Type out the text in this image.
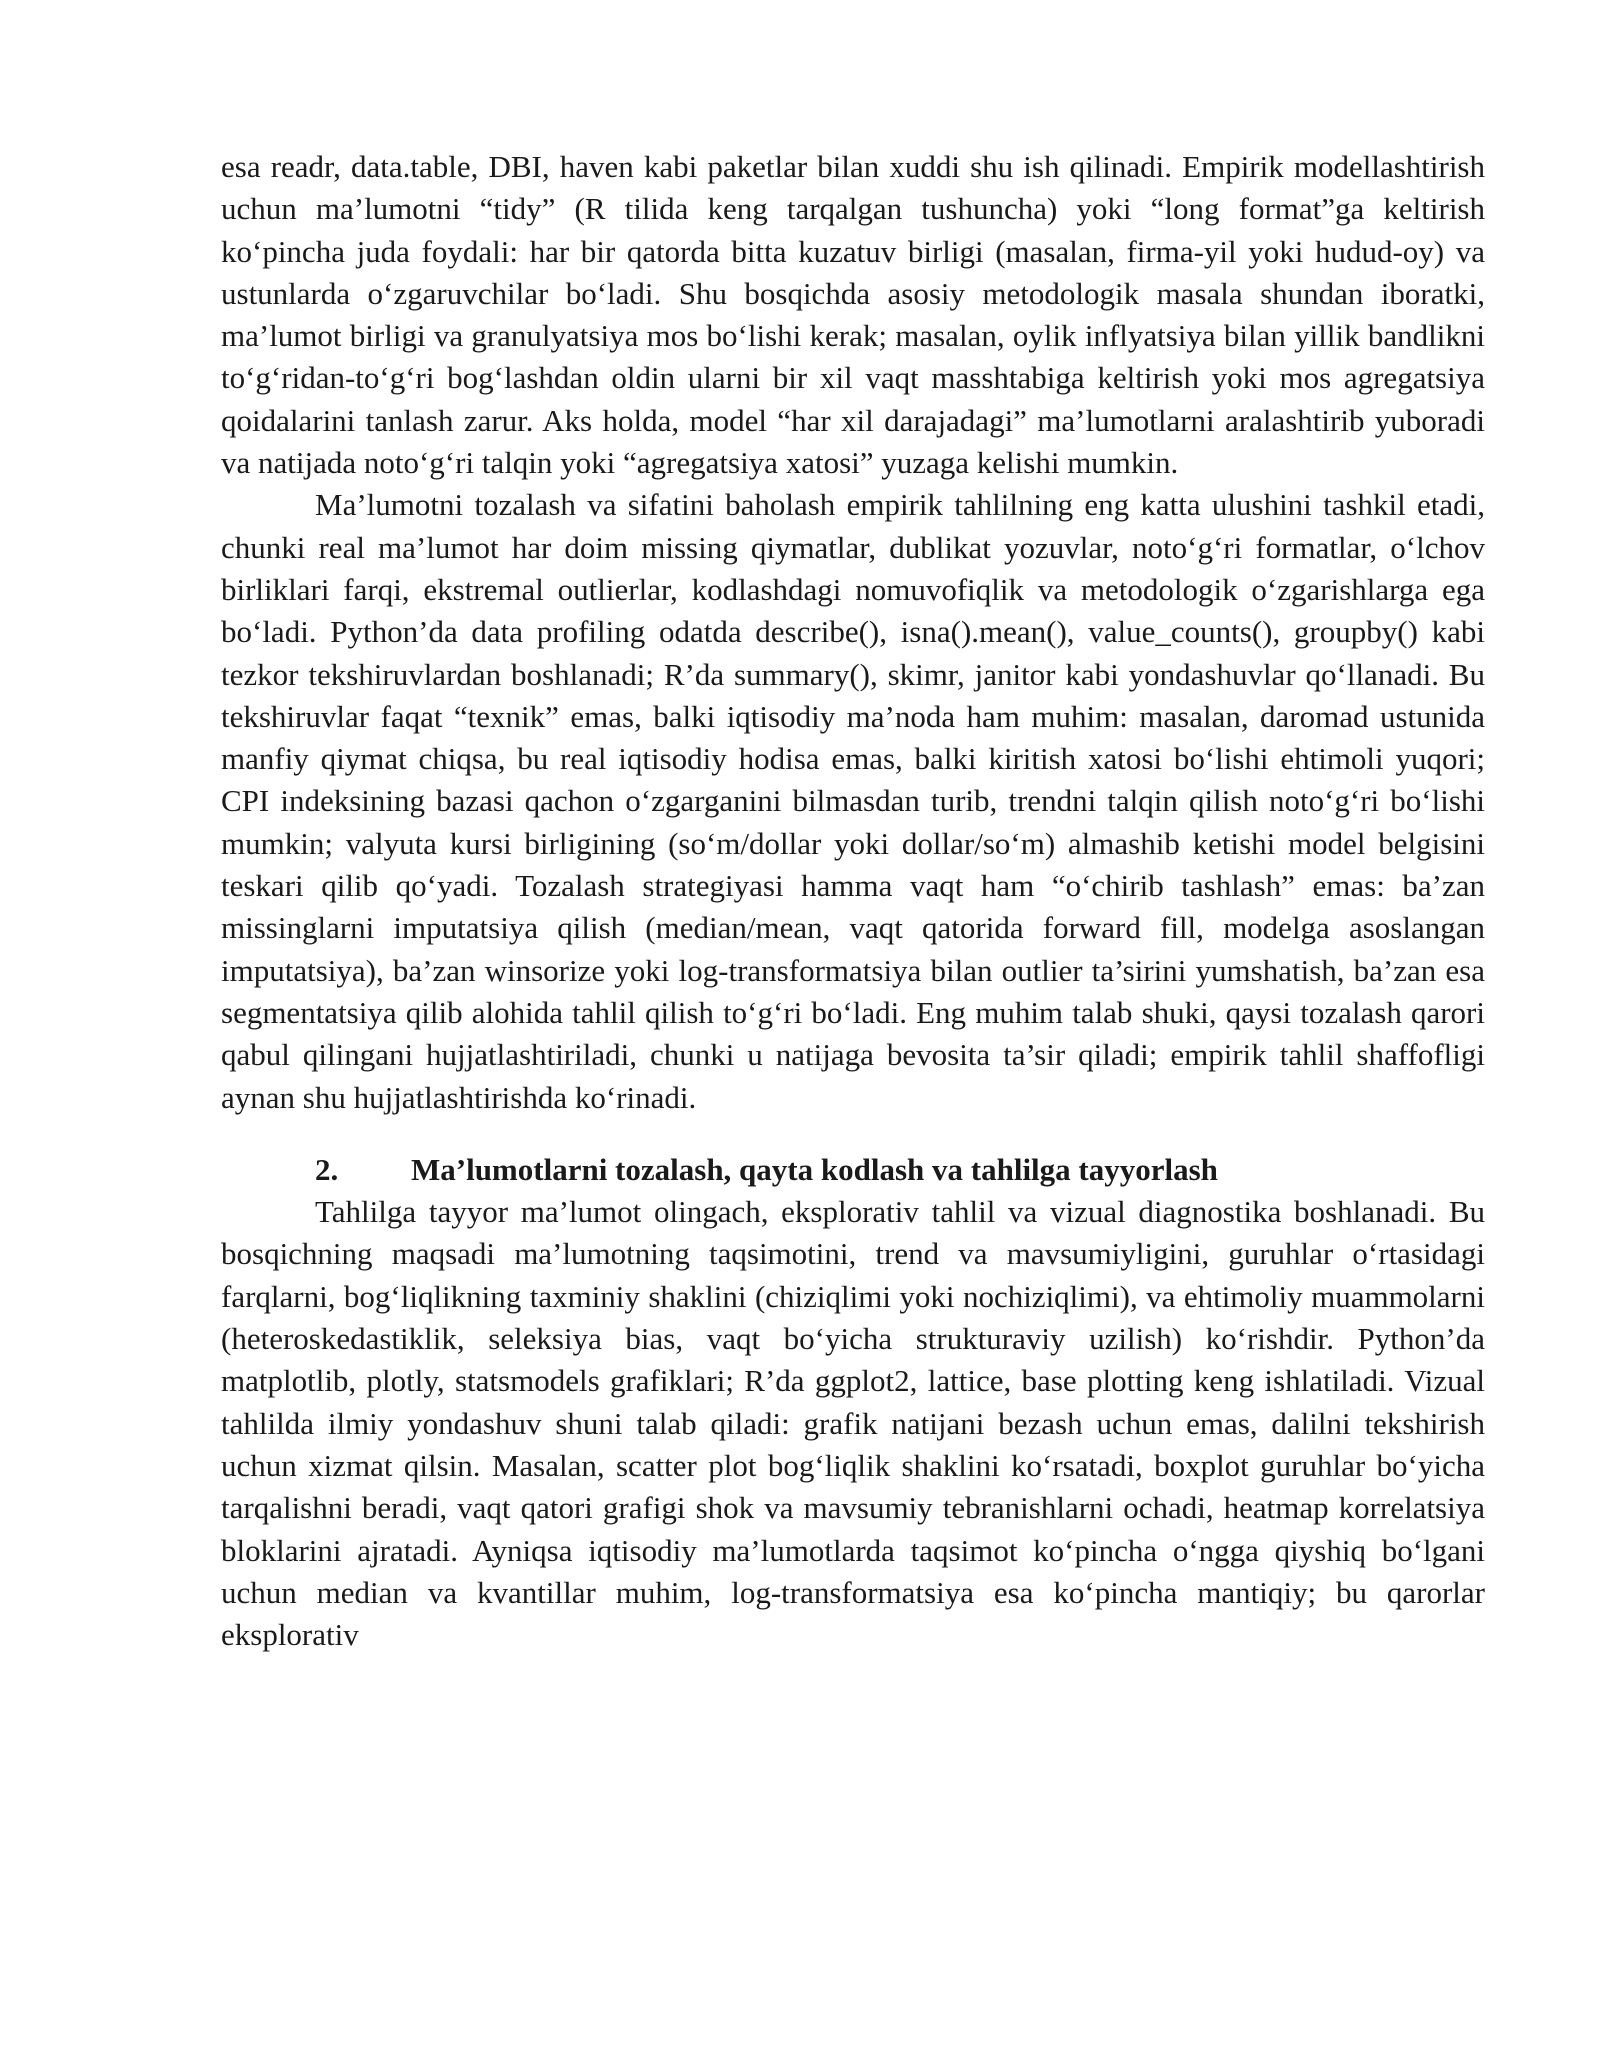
esa readr, data.table, DBI, haven kabi paketlar bilan xuddi shu ish qilinadi. Empirik modellashtirish uchun ma’lumotni “tidy” (R tilida keng tarqalgan tushuncha) yoki “long format”ga keltirish ko‘pincha juda foydali: har bir qatorda bitta kuzatuv birligi (masalan, firma-yil yoki hudud-oy) va ustunlarda o‘zgaruvchilar bo‘ladi. Shu bosqichda asosiy metodologik masala shundan iboratki, ma’lumot birligi va granulyatsiya mos bo‘lishi kerak; masalan, oylik inflyatsiya bilan yillik bandlikni to‘g‘ridan-to‘g‘ri bog‘lashdan oldin ularni bir xil vaqt masshtabiga keltirish yoki mos agregatsiya qoidalarini tanlash zarur. Aks holda, model “har xil darajadagi” ma’lumotlarni aralashtirib yuboradi va natijada noto‘g‘ri talqin yoki “agregatsiya xatosi” yuzaga kelishi mumkin.

Ma’lumotni tozalash va sifatini baholash empirik tahlilning eng katta ulushini tashkil etadi, chunki real ma’lumot har doim missing qiymatlar, dublikat yozuvlar, noto‘g‘ri formatlar, o‘lchov birliklari farqi, ekstremal outlierlar, kodlashdagi nomuvofiqlik va metodologik o‘zgarishlarga ega bo‘ladi. Python’da data profiling odatda describe(), isna().mean(), value_counts(), groupby() kabi tezkor tekshiruvlardan boshlanadi; R’da summary(), skimr, janitor kabi yondashuvlar qo‘llanadi. Bu tekshiruvlar faqat “texnik” emas, balki iqtisodiy ma’noda ham muhim: masalan, daromad ustunida manfiy qiymat chiqsa, bu real iqtisodiy hodisa emas, balki kiritish xatosi bo‘lishi ehtimoli yuqori; CPI indeksining bazasi qachon o‘zgarganini bilmasdan turib, trendni talqin qilish noto‘g‘ri bo‘lishi mumkin; valyuta kursi birligining (so‘m/dollar yoki dollar/so‘m) almashib ketishi model belgisini teskari qilib qo‘yadi. Tozalash strategiyasi hamma vaqt ham “o‘chirib tashlash” emas: ba’zan missinglarni imputatsiya qilish (median/mean, vaqt qatorida forward fill, modelga asoslangan imputatsiya), ba’zan winsorize yoki log-transformatsiya bilan outlier ta’sirini yumshatish, ba’zan esa segmentatsiya qilib alohida tahlil qilish to‘g‘ri bo‘ladi. Eng muhim talab shuki, qaysi tozalash qarori qabul qilingani hujjatlashtiriladi, chunki u natijaga bevosita ta’sir qiladi; empirik tahlil shaffofligi aynan shu hujjatlashtirishda ko‘rinadi.

2.	Ma’lumotlarni tozalash, qayta kodlash va tahlilga tayyorlash

Tahlilga tayyor ma’lumot olingach, eksplorativ tahlil va vizual diagnostika boshlanadi. Bu bosqichning maqsadi ma’lumotning taqsimotini, trend va mavsumiyligini, guruhlar o‘rtasidagi farqlarni, bog‘liqlikning taxminiy shaklini (chiziqlimi yoki nochiziqlimi), va ehtimoliy muammolarni (heteroskedastiklik, seleksiya bias, vaqt bo‘yicha strukturaviy uzilish) ko‘rishdir. Python’da matplotlib, plotly, statsmodels grafiklari; R’da ggplot2, lattice, base plotting keng ishlatiladi. Vizual tahlilda ilmiy yondashuv shuni talab qiladi: grafik natijani bezash uchun emas, dalilni tekshirish uchun xizmat qilsin. Masalan, scatter plot bog‘liqlik shaklini ko‘rsatadi, boxplot guruhlar bo‘yicha tarqalishni beradi, vaqt qatori grafigi shok va mavsumiy tebranishlarni ochadi, heatmap korrelatsiya bloklarini ajratadi. Ayniqsa iqtisodiy ma’lumotlarda taqsimot ko‘pincha o‘ngga qiyshiq bo‘lgani uchun median va kvantillar muhim, log-transformatsiya esa ko‘pincha mantiqiy; bu qarorlar eksplorativ
